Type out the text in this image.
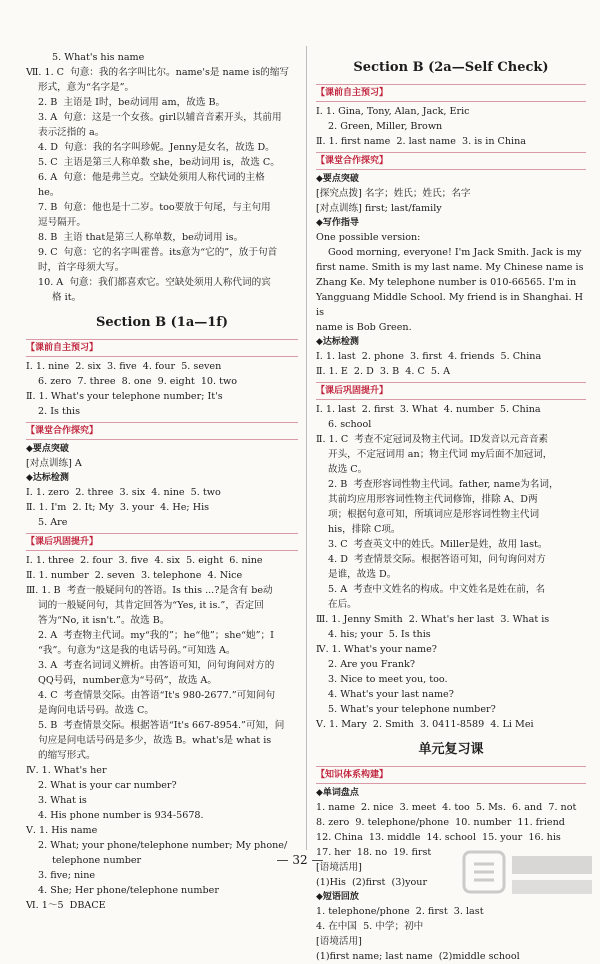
5. What's his name
Ⅶ. 1. C  句意：我的名字叫比尔。name's是 name is的缩写
形式，意为“名字是”。
2. B  主语是 I时，be动词用 am，故选 B。
3. A  句意：这是一个女孩。girl以辅音音素开头，其前用
表示泛指的 a。
4. D  句意：我的名字叫珍妮。Jenny是女名，故选 D。
5. C  主语是第三人称单数 she，be动词用 is，故选 C。
6. A  句意：他是弗兰克。空缺处须用人称代词的主格
he。
7. B  句意：他也是十二岁。too要放于句尾，与主句用
逗号隔开。
8. B  主语 that是第三人称单数，be动词用 is。
9. C  句意：它的名字叫霍普。its意为“它的”，放于句首
时，首字母须大写。
10. A  句意：我们都喜欢它。空缺处须用人称代词的宾
格 it。
Section B (1a—1f)
【课前自主预习】
Ⅰ. 1. nine  2. six  3. five  4. four  5. seven
6. zero  7. three  8. one  9. eight  10. two
Ⅱ. 1. What's your telephone number; It's
2. Is this
【课堂合作探究】
◆要点突破
[对点训练] A
◆达标检测
Ⅰ. 1. zero  2. three  3. six  4. nine  5. two
Ⅱ. 1. I'm  2. It; My  3. your  4. He; His
5. Are
【课后巩固提升】
Ⅰ. 1. three  2. four  3. five  4. six  5. eight  6. nine
Ⅱ. 1. number  2. seven  3. telephone  4. Nice
Ⅲ. 1. B  考查一般疑问句的答语。Is this ...?是含有 be动
词的一般疑问句，其肯定回答为“Yes, it is.”，否定回
答为“No, it isn't.”。故选 B。
2. A  考查物主代词。my“我的”；he“他”；she“她”；I
“我”。句意为“这是我的电话号码。”可知选 A。
3. A  考查名词词义辨析。由答语可知，问句询问对方的
QQ号码，number意为“号码”，故选 A。
4. C  考查情景交际。由答语“It's 980-2677.”可知问句
是询问电话号码。故选 C。
5. B  考查情景交际。根据答语“It's 667-8954.”可知，问
句应是问电话号码是多少，故选 B。what's是 what is
的缩写形式。
Ⅳ. 1. What's her
2. What is your car number?
3. What is
4. His phone number is 934-5678.
Ⅴ. 1. His name
2. What; your phone/telephone number; My phone/
telephone number
3. five; nine
4. She; Her phone/telephone number
Ⅵ. 1～5  DBACE
Section B (2a—Self Check)
【课前自主预习】
Ⅰ. 1. Gina, Tony, Alan, Jack, Eric
2. Green, Miller, Brown
Ⅱ. 1. first name  2. last name  3. is in China
【课堂合作探究】
◆要点突破
[探究点拨] 名字；姓氏；姓氏；名字
[对点训练] first; last/family
◆写作指导
One possible version:
Good morning, everyone! I'm Jack Smith. Jack is my
first name. Smith is my last name. My Chinese name is
Zhang Ke. My telephone number is 010-66565. I'm in
Yangguang Middle School. My friend is in Shanghai. His
name is Bob Green.
◆达标检测
Ⅰ. 1. last  2. phone  3. first  4. friends  5. China
Ⅱ. 1. E  2. D  3. B  4. C  5. A
【课后巩固提升】
Ⅰ. 1. last  2. first  3. What  4. number  5. China
6. school
Ⅱ. 1. C  考查不定冠词及物主代词。ID发音以元音音素
开头，不定冠词用 an；物主代词 my后面不加冠词，
故选 C。
2. B  考查形容词性物主代词。father, name为名词，
其前均应用形容词性物主代词修饰，排除 A、D两
项；根据句意可知，所填词应是形容词性物主代词
his，排除 C项。
3. C  考查英文中的姓氏。Miller是姓，故用 last。
4. D  考查情景交际。根据答语可知，问句询问对方
是谁，故选 D。
5. A  考查中文姓名的构成。中文姓名是姓在前，名
在后。
Ⅲ. 1. Jenny Smith  2. What's her last  3. What is
4. his; your  5. Is this
Ⅳ. 1. What's your name?
2. Are you Frank?
3. Nice to meet you, too.
4. What's your last name?
5. What's your telephone number?
Ⅴ. 1. Mary  2. Smith  3. 0411-8589  4. Li Mei
单元复习课
【知识体系构建】
◆单词盘点
1. name  2. nice  3. meet  4. too  5. Ms.  6. and  7. not
8. zero  9. telephone/phone  10. number  11. friend
12. China  13. middle  14. school  15. your  16. his
17. her  18. no  19. first
[语境活用]
(1)His  (2)first  (3)your
◆短语回放
1. telephone/phone  2. first  3. last
4. 在中国  5. 中学；初中
[语境活用]
(1)first name; last name  (2)middle school
— 32 —
